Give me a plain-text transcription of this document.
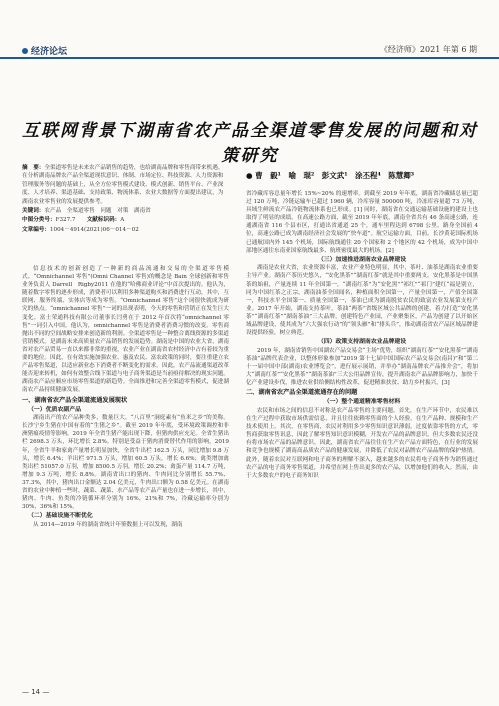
经济论坛	《经济师》2021 年第 6 期
互联网背景下湖南省农产品全渠道零售发展的问题和对策研究
● 曹　毅¹　喻　琨²　彭文武¹　涂丕程⁴　陈慧卿³

摘　要：全渠道零售是未来农产品销售的趋势，也给湖南品牌和零售商带来机遇。在分析湖南品牌农产品全渠道现状意识、体制、市场定位、科技资源、人力资源和管理服务等问题的基础上，从全方位零售模式建设、模式创新、销售平台、产业深度、人才培养、渠道基础、支持政策、物流体系、农业大数据等方面提出建议，为湖南农业零售业的发展提供参考。

关键词：农产品　全渠道零售　问题　对策　湖南省

中图分类号：F327.7　　 文献标识码：A

文章编号：1004－4914(2021)06－014－02

信息技术的创新创造了一种新的商品流通和交易的全渠道零售模式。“Omnichannel 零售”(Omni Channel 零售)的概念是 Bain 全球创新和零售业务负责人 Darrell　Rigby2011 在他的“哈佛商业评论”中首次提出的。他认为，随着数字零售的逐步形成，消费者可以利用多种渠道购买和消费进行互动，其中，互联网、服务终端、实体店等成为零售。“Omnichannel 零售”这个词很快就成为研究的热点。“omnichannel 零售”一词的出现表明，今天的零售和营销正在发生巨大变化。富士荣通科技有限公司董事长闫勇在于 2012 年首次将“omnichannel 零售”一词引入中国。他认为，omnichannel 零售是消费者消费习惯的改变。零售商抛出不同的空间战略安排来创造新的利润。全渠道零售是一种整合离线资源的多渠道营销模式。是湖南未来高质量农产品销售的发展趋势。湖南是中国的农业大省，湖南省对农产品贸易一直以来都非常的重视，农业产业在湖南省农村经济中占有着较为重要的地位。因此，在有效实施加强农业、惠及农民、富农政策的同时，要注重建立农产品零售渠道，以适应新业态下消费者不断变化的需求。因此，农产品流通渠道改革能否迎来转机，如何有效整合线下渠道与电子商务渠道是当前亟待解决的现实问题。湖南农产品应顺应市场零售渠道的新趋势。全面推进和完善全渠道零售模式，促进湖南农产品持续健康发展。

一、湖南省农产品全渠道流通发展现状

（一）优质农副产品

湖南出产的农产品种类多，数量巨大。“八百里”洞庭素有“鱼米之乡”的美称。长沙宁乡生猪在中国有着的“生猪之乡”。截至 2019 年年底，受环境政策调控和非洲猪瘟疫情等影响，2019 年全省生猪产能出现下降，但猪肉供应充足。全省生猪出栏 2698.3 万头，环比增长 2.8%。特别是受益于猪肉消费替代作用的影响，2019 年，全省牛羊和家禽产量增长明显加快，全省牛出栏 162.5 万头，同比增加 9.8 万头，增长 6.4%；羊出栏 971.5 万头，增加 60.5 万头，增长 6.6%；禽类增加禽类出栏 51057.0 万羽，增加 8500.5 万羽，增长 20.2%；禽蛋产量 114.7 万吨，增加 9.3 万吨，增长 8.8%。湖南省出口的猪肉、牛肉同比分别增长 55.7%、37.3%，其中，猪肉出口金额达 2.04 亿美元，牛肉出口额为 0.58 亿美元。在湖南省的农业中种植一些时，蔬菜、蔬菜、水产品等农产品产量也在进一步增长，其中，猪肉、牛肉、鱼类的冷链循环率分别为 16%，21%和 7%，冷藏运输率分别为 30%，36%和 15%。

（二）基础设施不断优化

从 2014—2019 年的湖南省统计年鉴数据上可以发现，湖南

省冷藏库容总量年增长 15%~20% 的速增率。到截至 2019 年年底，湖南省冷藏储总量已超过 120 万吨，冷链运输车已超过 1960 辆，冷库容量 500000 吨，冷冻库容量超 73 万吨，具域生鲜流农产品冷链物流体系也已形成。[1] 同时，湖南省在交通运输基础设施的建设上也取得了明显的成绩。在高速公路方面，截至 2019 年年底，湖南全省共有 46 条高速公路，连通湖南省 116 个县市区，打通出省通道 25 个，通车里程达到 6798 公里。路身全国前 4 位，高速公路已成为湖南经济社会发展的“快车道”。航空运输方面，目前，长沙黄花国际机场已通航国内外 145 个机场，国际航线通往 20 个国家和 2 个地区的 42 个机场，成为中国中部地区通往东南亚国家航线最多、航班密度最大的机场。[2]

（三）加速推进湖南农业品牌建设

湖南是农业大省，农业资源丰富，农业产业特色明显，其中，茶叶、油茶是湖南农业重要主导产业。湖南产茶历史悠久，“安化黑茶”“湖南红茶”就是其中重要两支。安化黑茶是中国黑茶的始祖，产量连续 11 年全国第一，“湖南红茶”为“安化黑”“祁红”“祁门”建红“福是别立，同为中国红茶之正宗。湖南油茶全国闻名，种植面积全国第一，产量全国第一，产值全国第一，科技水平全国第一、质量全国第一，茶油已成为湖南脱贫农民的致富农业发展第支柱产业。2017 年开始，湖南支持茶叶，茶油“两茶”省级区域公共品牌的创建，着力打造“安化黑茶”“湖南红茶”“湖南茶油”三大品牌，创建特色产业园，产业聚集区，产品为创建了以开始区域品牌建设，使其成为“六大强农行动”的“领头雁”和“排头兵”，推动湖南省农产品区域品牌建设提供经验，树立典范。

（四）政策支持湖南农业品牌建设

2019 年，湖南省销售中国湖农产品交易会“主场”优势，组织“湖南红茶”“安化黑茶”“湖南茶油”品牌代表企业，以整体形象参加“2019 第十七届中国国际农产品交易会(南昌)”和“第二十一届中国中部(湖南)农业博览会”，进行展示展销，并举办“湖南品牌农产品推介会”，将加大“湖南红茶”“安化黑茶”“湖南茶油”三大公用品牌宣传，提升湖南农产品品牌影响力，加快千亿产业建设步伐，推进农业供给侧结构性改革，促进精准扶贫、助力乡村振兴。[3]

二、湖南省农产品全渠道流通存在的问题

（一）整个通道精准零售材料

农民和市场之间的信息不对称是农产品零售的主要问题。首先，在生产环节中，农民难以在生产过程中获取市场供需信息，并且往往依赖零售商的个人经验，在生产品种、规模和生产技术使用上。其次，在零售商，农民对利用多少零售知识意识薄弱，过度依靠零售的方式，零售商获取零售讯息，因此了解零售知识意识模糊，开发农产品的品牌意识，但大多数农民还没有将市场农产品的品牌意识。因此，湖南省农产品往往在生产农产品方面特色，在行业的发展和竞争也规模了湖南高品质农产品的健康发展，并降低了农民对品牌农产品品牌的保护热情。此外，随着农民对互联网和电子商务的理解不深入，越来越多的农民将电子商务作为销售通过农产品的电子商务零售渠道，并希望在网上售出更多的农产品，以增加他们的收入。然而，由于大多数农户的电子商务知识

— 14 —
